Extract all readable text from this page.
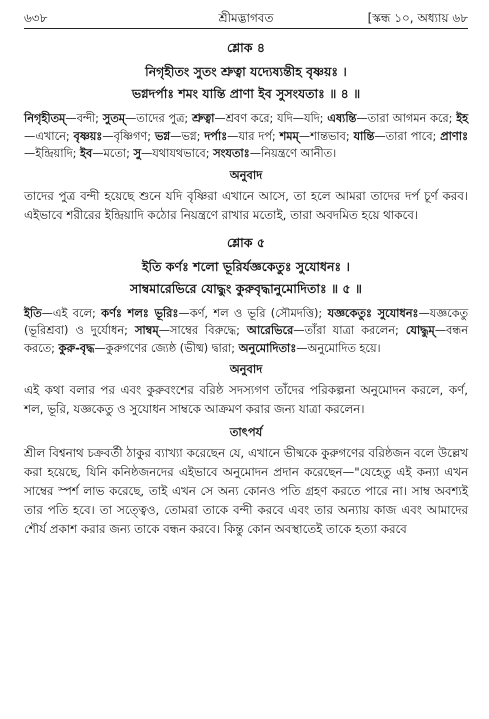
৬৩৮	শ্রীমদ্ভাগবত	[স্কন্ধ ১০, অধ্যায় ৬৮
শ্লোক ৪
নিগৃহীতং সুতং শ্রুত্বা যদ্যেষ্যন্তীহ বৃষ্ণয়ঃ ।
ভগ্নদর্পাঃ শমং যান্তি প্রাণা ইব সুসংযতাঃ ॥ ৪ ॥
নিগৃহীতম্—বন্দী; সুতম্—তাদের পুত্র; শ্রুত্বা—শ্রবণ করে; যদি—যদি; এষ্যন্তি—তারা আগমন করে; ইহ—এখানে; বৃষ্ণয়ঃ—বৃষ্ণিগণ; ভগ্ন—ভগ্ন; দর্পাঃ—যার দর্প; শমম্—শান্তভাব; যান্তি—তারা পাবে; প্রাণাঃ—ইন্দ্রিয়াদি; ইব—মতো; সু—যথাযথভাবে; সংযতাঃ—নিয়ন্ত্রণে আনীত।
অনুবাদ
তাদের পুত্র বন্দী হয়েছে শুনে যদি বৃষ্ণিরা এখানে আসে, তা হলে আমরা তাদের দর্প চূর্ণ করব। এইভাবে শরীরের ইন্দ্রিয়াদি কঠোর নিয়ন্ত্রণে রাখার মতোই, তারা অবদমিত হয়ে থাকবে।
শ্লোক ৫
ইতি কর্ণঃ শলো ভূরির্যজ্ঞকেতুঃ সুযোধনঃ ।
সাম্বমারেভিরে যোদ্ধুং কুরুবৃদ্ধানুমোদিতাঃ ॥ ৫ ॥
ইতি—এই বলে; কর্ণঃ শলঃ ভূরিঃ—কর্ণ, শল ও ভূরি (সৌমদত্তি); যজ্ঞকেতুঃ সুযোধনঃ—যজ্ঞকেতু (ভূরিশ্রবা) ও দুর্যোধন; সাম্বম্—সাম্বের বিরুদ্ধে; আরেভিরে—তাঁরা যাত্রা করলেন; যোদ্ধুম্—বন্ধন করতে; কুরু-বৃদ্ধ—কুরুগণের জ্যেষ্ঠ (ভীষ্ম) দ্বারা; অনুমোদিতাঃ—অনুমোদিত হয়ে।
অনুবাদ
এই কথা বলার পর এবং কুরুবংশের বরিষ্ঠ সদস্যগণ তাঁদের পরিকল্পনা অনুমোদন করলে, কর্ণ, শল, ভূরি, যজ্ঞকেতু ও সুযোধন সাম্বকে আক্রমণ করার জন্য যাত্রা করলেন।
তাৎপর্য
শ্রীল বিশ্বনাথ চক্রবর্তী ঠাকুর ব্যাখ্যা করেছেন যে, এখানে ভীষ্মকে কুরুগণের বরিষ্ঠজন বলে উল্লেখ করা হয়েছে, যিনি কনিষ্ঠজনদের এইভাবে অনুমোদন প্রদান করেছেন—"যেহেতু এই কন্যা এখন সাম্বের স্পর্শ লাভ করেছে, তাই এখন সে অন্য কোনও পতি গ্রহণ করতে পারে না। সাম্ব অবশ্যই তার পতি হবে। তা সত্ত্বেও, তোমরা তাকে বন্দী করবে এবং তার অন্যায় কাজ এবং আমাদের শৌর্য প্রকাশ করার জন্য তাকে বন্ধন করবে। কিন্তু কোন অবস্থাতেই তাকে হত্যা করবে
